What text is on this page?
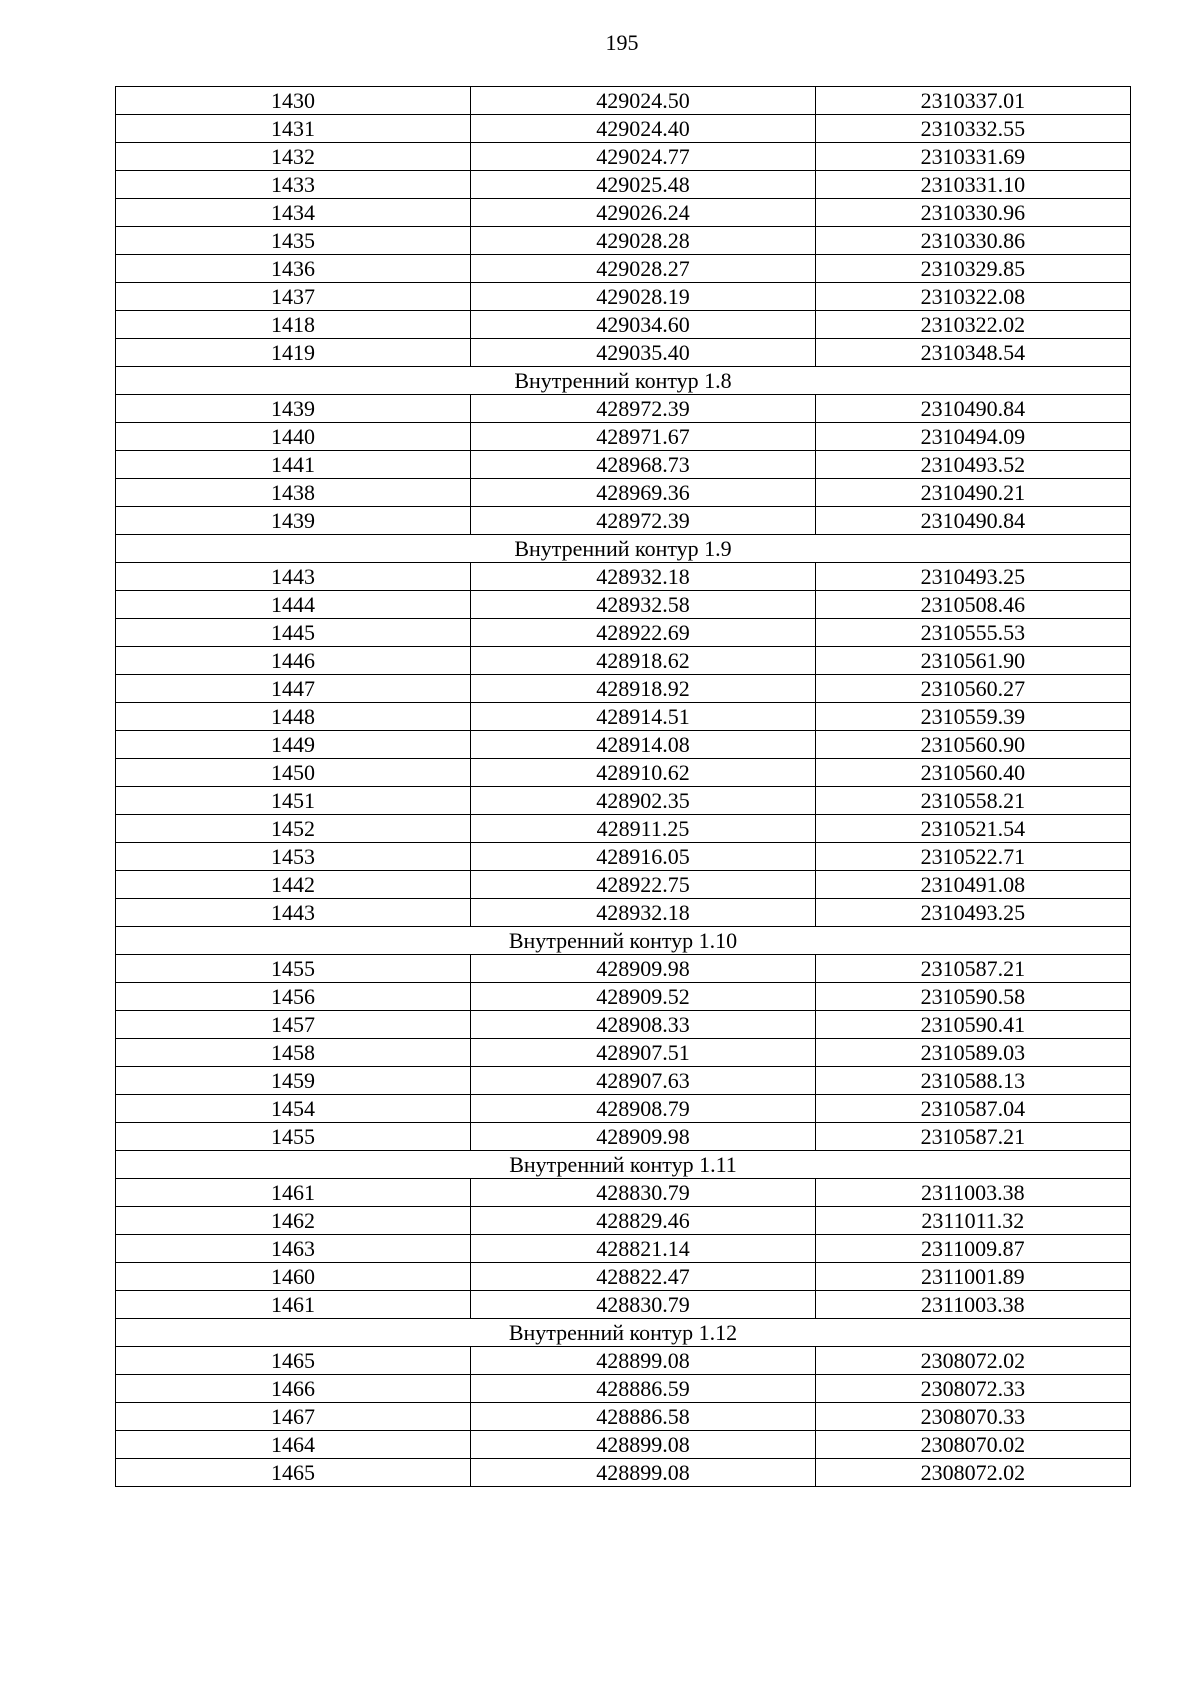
195
1430	429024.50	2310337.01
1431	429024.40	2310332.55
1432	429024.77	2310331.69
1433	429025.48	2310331.10
1434	429026.24	2310330.96
1435	429028.28	2310330.86
1436	429028.27	2310329.85
1437	429028.19	2310322.08
1418	429034.60	2310322.02
1419	429035.40	2310348.54
Внутренний контур 1.8		
1439	428972.39	2310490.84
1440	428971.67	2310494.09
1441	428968.73	2310493.52
1438	428969.36	2310490.21
1439	428972.39	2310490.84
Внутренний контур 1.9		
1443	428932.18	2310493.25
1444	428932.58	2310508.46
1445	428922.69	2310555.53
1446	428918.62	2310561.90
1447	428918.92	2310560.27
1448	428914.51	2310559.39
1449	428914.08	2310560.90
1450	428910.62	2310560.40
1451	428902.35	2310558.21
1452	428911.25	2310521.54
1453	428916.05	2310522.71
1442	428922.75	2310491.08
1443	428932.18	2310493.25
Внутренний контур 1.10		
1455	428909.98	2310587.21
1456	428909.52	2310590.58
1457	428908.33	2310590.41
1458	428907.51	2310589.03
1459	428907.63	2310588.13
1454	428908.79	2310587.04
1455	428909.98	2310587.21
Внутренний контур 1.11		
1461	428830.79	2311003.38
1462	428829.46	2311011.32
1463	428821.14	2311009.87
1460	428822.47	2311001.89
1461	428830.79	2311003.38
Внутренний контур 1.12		
1465	428899.08	2308072.02
1466	428886.59	2308072.33
1467	428886.58	2308070.33
1464	428899.08	2308070.02
1465	428899.08	2308072.02
